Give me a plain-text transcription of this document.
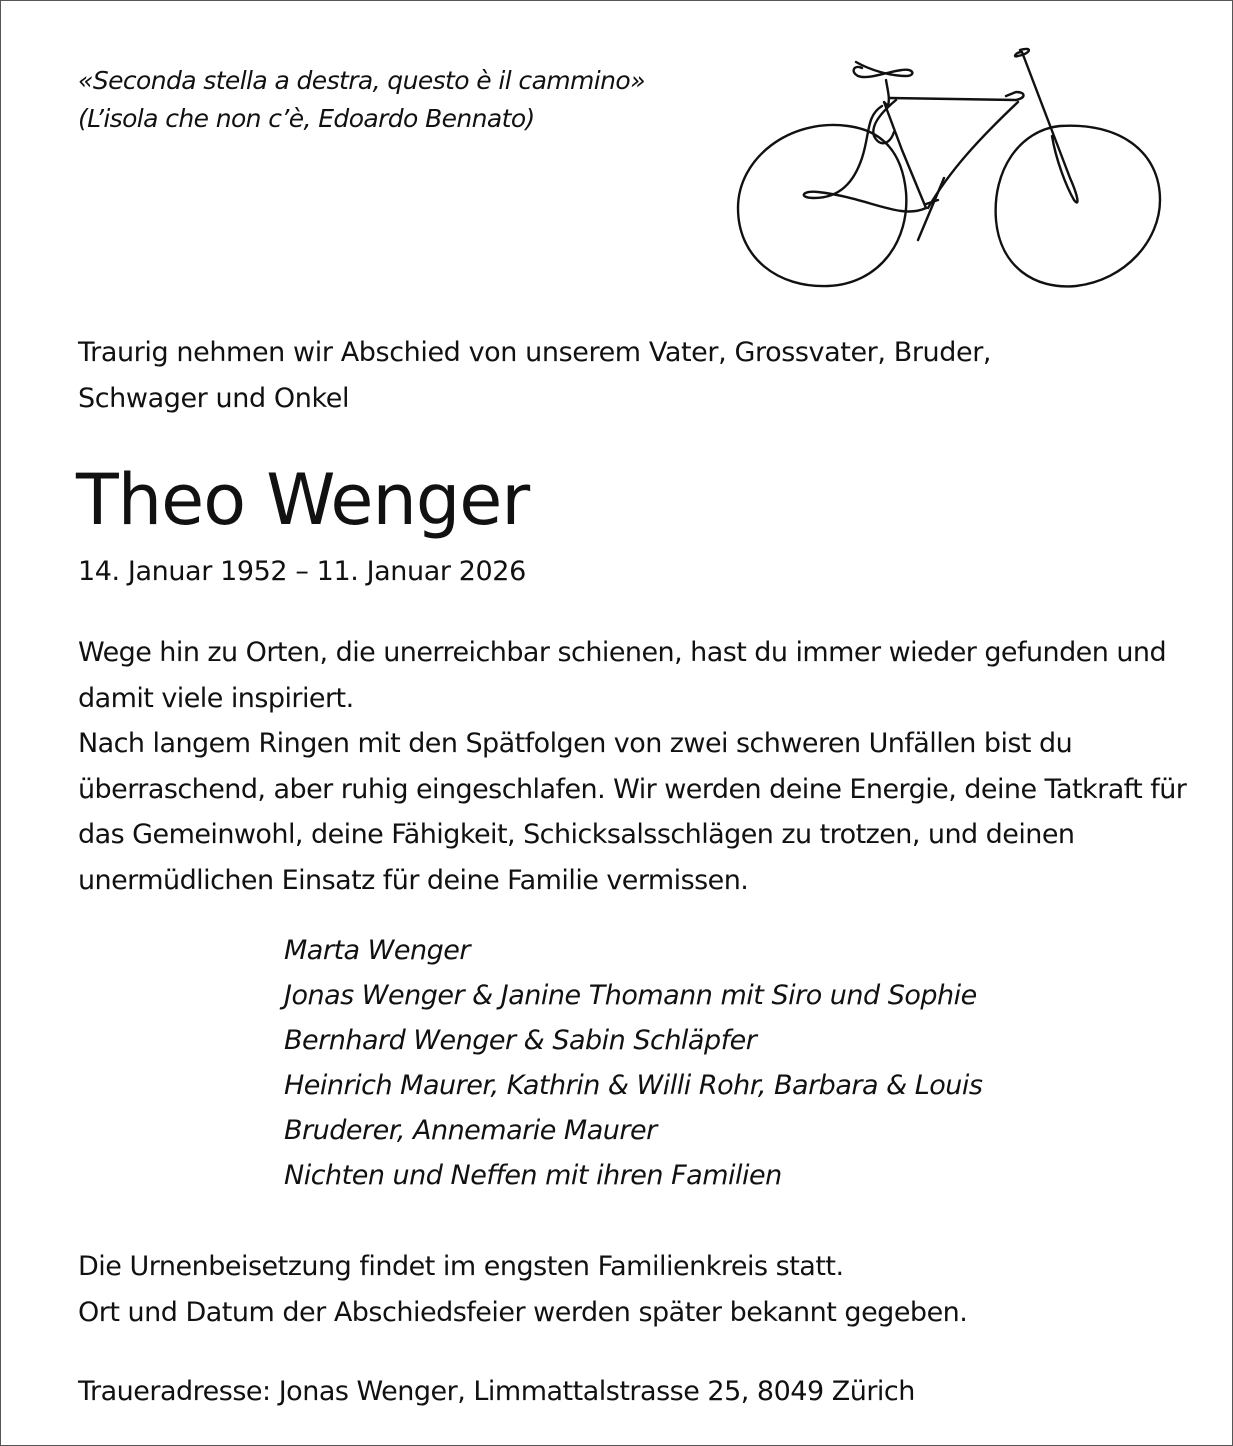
«Seconda stella a destra, questo è il cammino»
(L’isola che non c’è, Edoardo Bennato)
Traurig nehmen wir Abschied von unserem Vater, Grossvater, Bruder,
Schwager und Onkel
Theo Wenger
14. Januar 1952 – 11. Januar 2026

Wege hin zu Orten, die unerreichbar schienen, hast du immer wieder gefunden und damit viele inspiriert.

Nach langem Ringen mit den Spätfolgen von zwei schweren Unfällen bist du überraschend, aber ruhig eingeschlafen. Wir werden deine Energie, deine Tatkraft für das Gemeinwohl, deine Fähigkeit, Schicksalsschlägen zu trotzen, und deinen unermüdlichen Einsatz für deine Familie vermissen.

Marta Wenger
Jonas Wenger & Janine Thomann mit Siro und Sophie
Bernhard Wenger & Sabin Schläpfer
Heinrich Maurer, Kathrin & Willi Rohr, Barbara & Louis
Bruderer, Annemarie Maurer
Nichten und Neffen mit ihren Familien
Die Urnenbeisetzung findet im engsten Familienkreis statt.
Ort und Datum der Abschiedsfeier werden später bekannt gegeben.
Traueradresse: Jonas Wenger, Limmattalstrasse 25, 8049 Zürich
